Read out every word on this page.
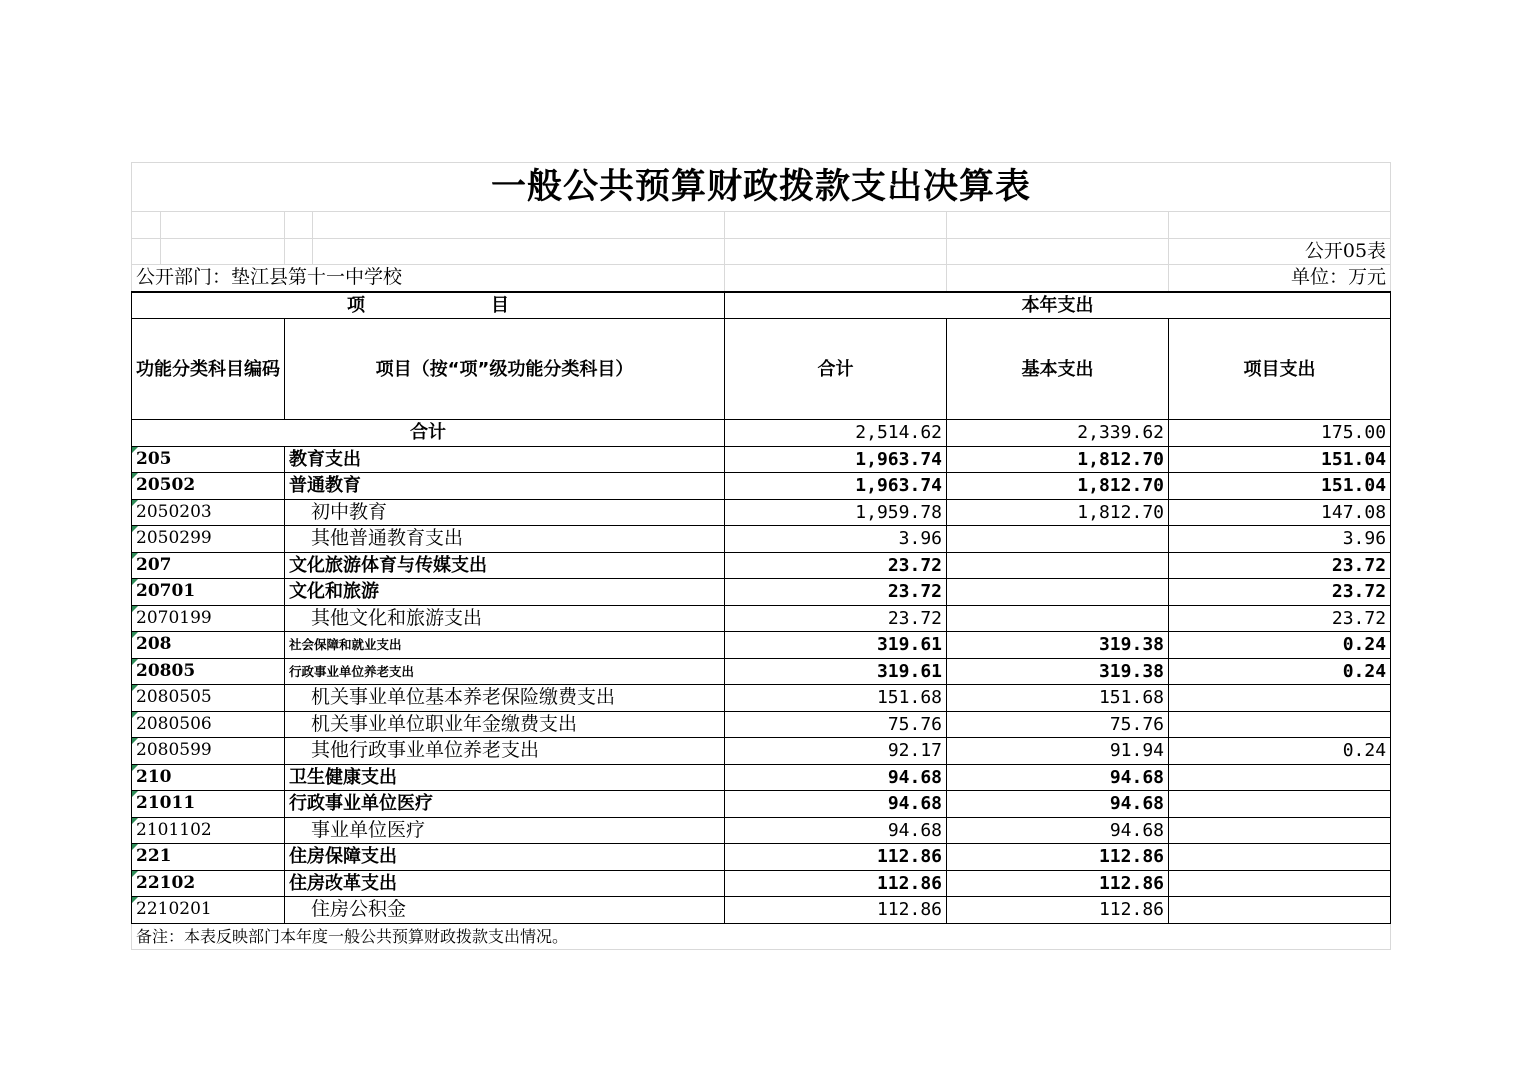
一般公共预算财政拨款支出决算表						

						公开05表
公开部门：垫江县第十一中学校						单位：万元
项　　　　　　　目				本年支出		
功能分类科目编码		项目（按“项”级功能分类科目）		合计	基本支出	项目支出
合计				2,514.62	2,339.62	175.00
205		教育支出		1,963.74	1,812.70	151.04
20502		普通教育		1,963.74	1,812.70	151.04
2050203		初中教育		1,959.78	1,812.70	147.08
2050299		其他普通教育支出		3.96		3.96
207		文化旅游体育与传媒支出		23.72		23.72
20701		文化和旅游		23.72		23.72
2070199		其他文化和旅游支出		23.72		23.72
208		社会保障和就业支出		319.61	319.38	0.24
20805		行政事业单位养老支出		319.61	319.38	0.24
2080505		机关事业单位基本养老保险缴费支出		151.68	151.68	
2080506		机关事业单位职业年金缴费支出		75.76	75.76	
2080599		其他行政事业单位养老支出		92.17	91.94	0.24
210		卫生健康支出		94.68	94.68	
21011		行政事业单位医疗		94.68	94.68	
2101102		事业单位医疗		94.68	94.68	
221		住房保障支出		112.86	112.86	
22102		住房改革支出		112.86	112.86	
2210201		住房公积金		112.86	112.86	
备注：本表反映部门本年度一般公共预算财政拨款支出情况。						
